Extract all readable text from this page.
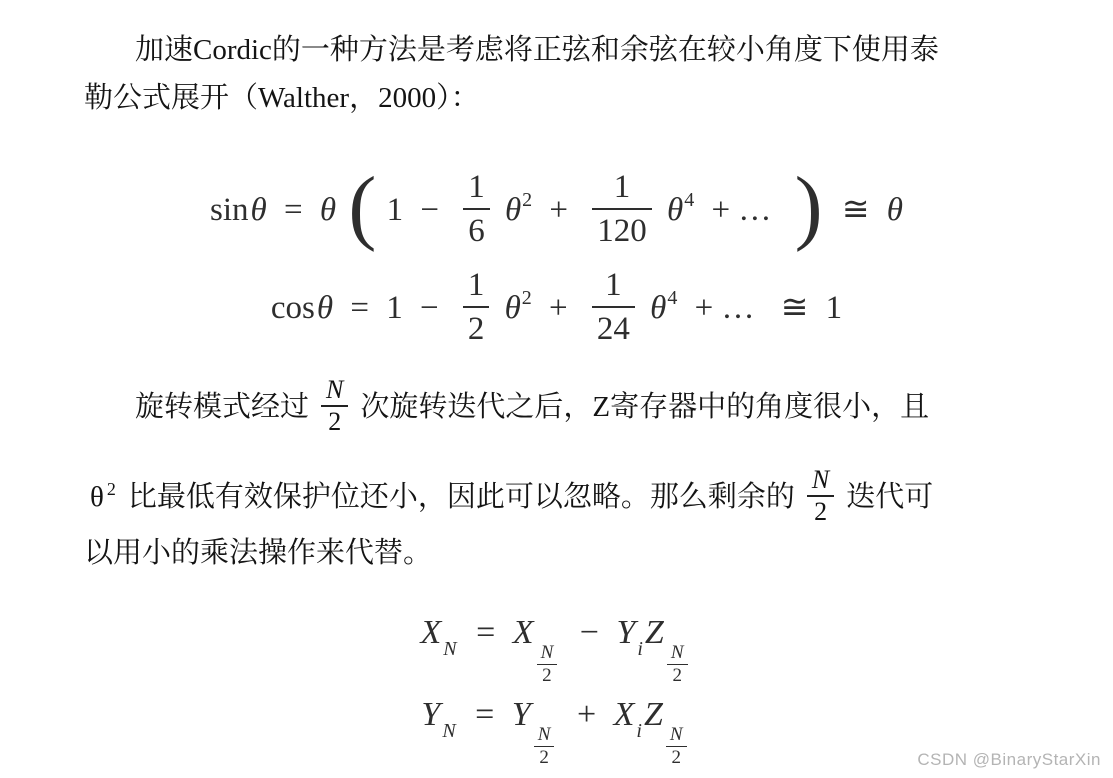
加速Cordic的一种方法是考虑将正弦和余弦在较小角度下使用泰
勒公式展开（Walther，2000）：
sinθ = θ ( $1 - \frac{1}{6} \theta^2 + \frac{1}{120} \theta^4$ + … ) ≅ θ
$\cos\theta = 1 - \frac{1}{2} \theta^2 + \frac{1}{24} \theta^4$ + … ≅ 1
旋转模式经过 $\frac{N}{2}$ 次旋转迭代之后，Z寄存器中的角度很小，且
θ $^2$ 比最低有效保护位还小，因此可以忽略。那么剩余的 $\frac{N}{2}$ 迭代可
以用小的乘法操作来代替。
X $_N$ = X
$\frac{N}{2}$
− Y $_i$Z
$\frac{N}{2}$
Y $_N$ = Y
$\frac{N}{2}$
+ X $_i$Z
$\frac{N}{2}$	CSDN @BinaryStarXin
